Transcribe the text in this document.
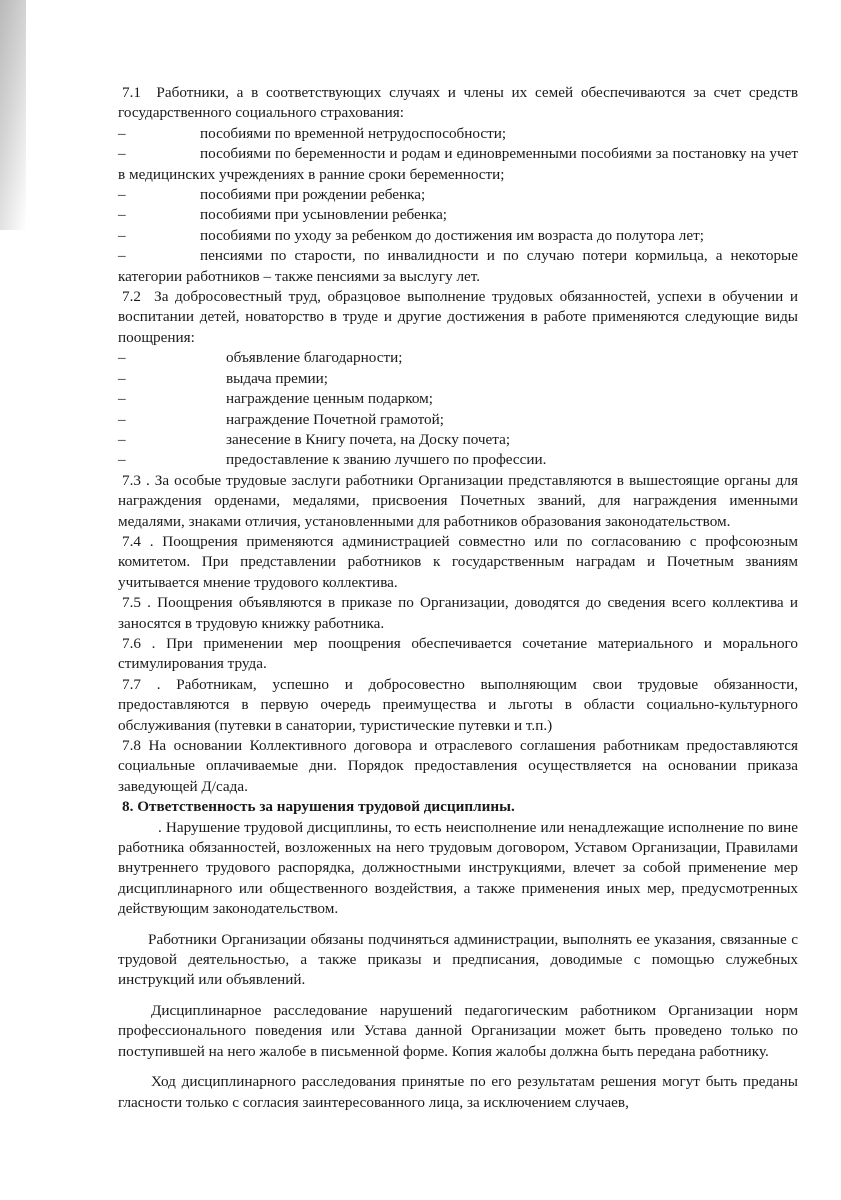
7.1 Работники, а в соответствующих случаях и члены их семей обеспечиваются за счет средств государственного социального страхования:

–	пособиями по временной нетрудоспособности;

–	пособиями по беременности и родам и единовременными пособиями за постановку на учет в медицинских учреждениях в ранние сроки беременности;

–	пособиями при рождении ребенка;

–	пособиями при усыновлении ребенка;

–	пособиями по уходу за ребенком до достижения им возраста до полутора лет;

–	пенсиями по старости, по инвалидности и по случаю потери кормильца, а некоторые категории работников – также пенсиями за выслугу лет.

7.2 За добросовестный труд, образцовое выполнение трудовых обязанностей, успехи в обучении и воспитании детей, новаторство в труде и другие достижения в работе применяются следующие виды поощрения:

–	объявление благодарности;

–	выдача премии;

–	награждение ценным подарком;

–	награждение Почетной грамотой;

–	занесение в Книгу почета, на Доску почета;

–	предоставление к званию лучшего по профессии.

7.3 . За особые трудовые заслуги работники Организации представляются в вышестоящие органы для награждения орденами, медалями, присвоения Почетных званий, для награждения именными медалями, знаками отличия, установленными для работников образования законодательством.

7.4 . Поощрения применяются администрацией совместно или по согласованию с профсоюзным комитетом. При представлении работников к государственным наградам и Почетным званиям учитывается мнение трудового коллектива.

7.5 . Поощрения объявляются в приказе по Организации, доводятся до сведения всего коллектива и заносятся в трудовую книжку работника.

7.6 . При применении мер поощрения обеспечивается сочетание материального и морального стимулирования труда.

7.7 . Работникам, успешно и добросовестно выполняющим свои трудовые обязанности, предоставляются в первую очередь преимущества и льготы в области социально-культурного обслуживания (путевки в санатории, туристические путевки и т.п.)

7.8 На основании Коллективного договора и отраслевого соглашения работникам предоставляются социальные оплачиваемые дни. Порядок предоставления осуществляется на основании приказа заведующей Д/сада.

8. Ответственность за нарушения трудовой дисциплины.

. Нарушение трудовой дисциплины, то есть неисполнение или ненадлежащие исполнение по вине работника обязанностей, возложенных на него трудовым договором, Уставом Организации, Правилами внутреннего трудового распорядка, должностными инструкциями, влечет за собой применение мер дисциплинарного или общественного воздействия, а также применения иных мер, предусмотренных действующим законодательством.

Работники Организации обязаны подчиняться администрации, выполнять ее указания, связанные с трудовой деятельностью, а также приказы и предписания, доводимые с помощью служебных инструкций или объявлений.

Дисциплинарное расследование нарушений педагогическим работником Организации норм профессионального поведения или Устава данной Организации может быть проведено только по поступившей на него жалобе в письменной форме. Копия жалобы должна быть передана работнику.

Ход дисциплинарного расследования принятые по его результатам решения могут быть преданы гласности только с согласия заинтересованного лица, за исключением случаев,
